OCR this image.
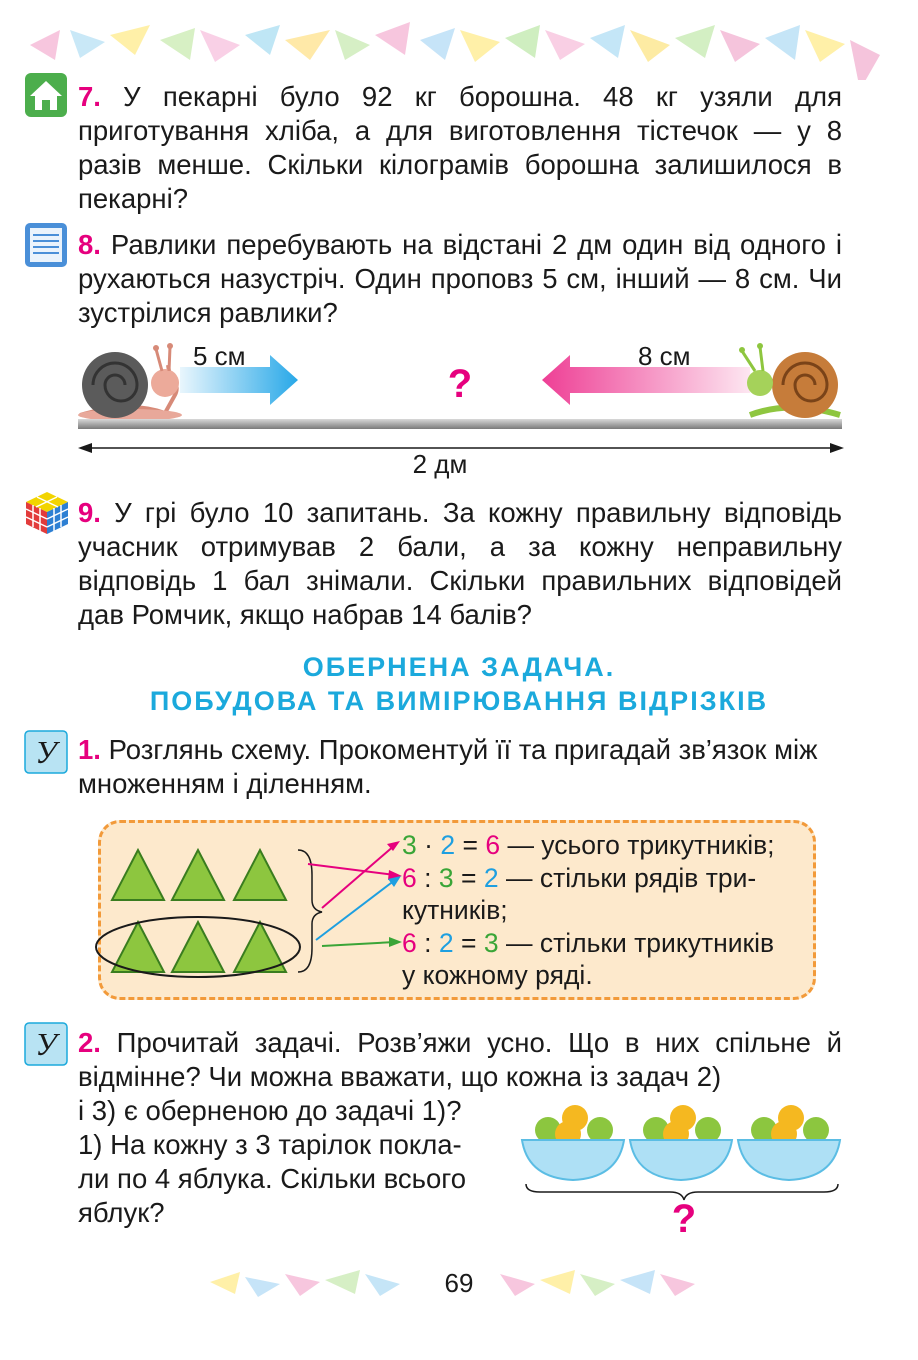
7. У пекарні було 92 кг борошна. 48 кг узяли для приготування хліба, а для виготовлення тістечок — у 8 разів менше. Скільки кілограмів борошна залишилося в пекарні?

8. Равлики перебувають на відстані 2 дм один від одного і рухаються назустріч. Один проповз 5 см, інший — 8 см. Чи зустрілися равлики?

5 см
?
8 см
2 дм

9. У грі було 10 запитань. За кожну правильну відповідь учасник отримував 2 бали, а за кожну неправильну відповідь 1 бал знімали. Скільки правильних відповідей дав Ромчик, якщо набрав 14 балів?

ОБЕРНЕНА ЗАДАЧА.
ПОБУДОВА ТА ВИМІРЮВАННЯ ВІДРІЗКІВ
У 1. Розглянь схему. Прокоментуй її та пригадай зв’язок між множенням і діленням.

3 · 2 = 6 — усього трикутників;
6 : 3 = 2 — стільки рядів три-
кутників;
6 : 2 = 3 — стільки трикутників
у кожному ряді.
У 2. Прочитай задачі. Розв’яжи усно. Що в них спільне й відмінне? Чи можна вважати, що кожна із задач 2)

і 3) є оберненою до задачі 1)?
1) На кожну з 3 тарілок покла-
ли по 4 яблука. Скільки всього
яблук?	?
69
